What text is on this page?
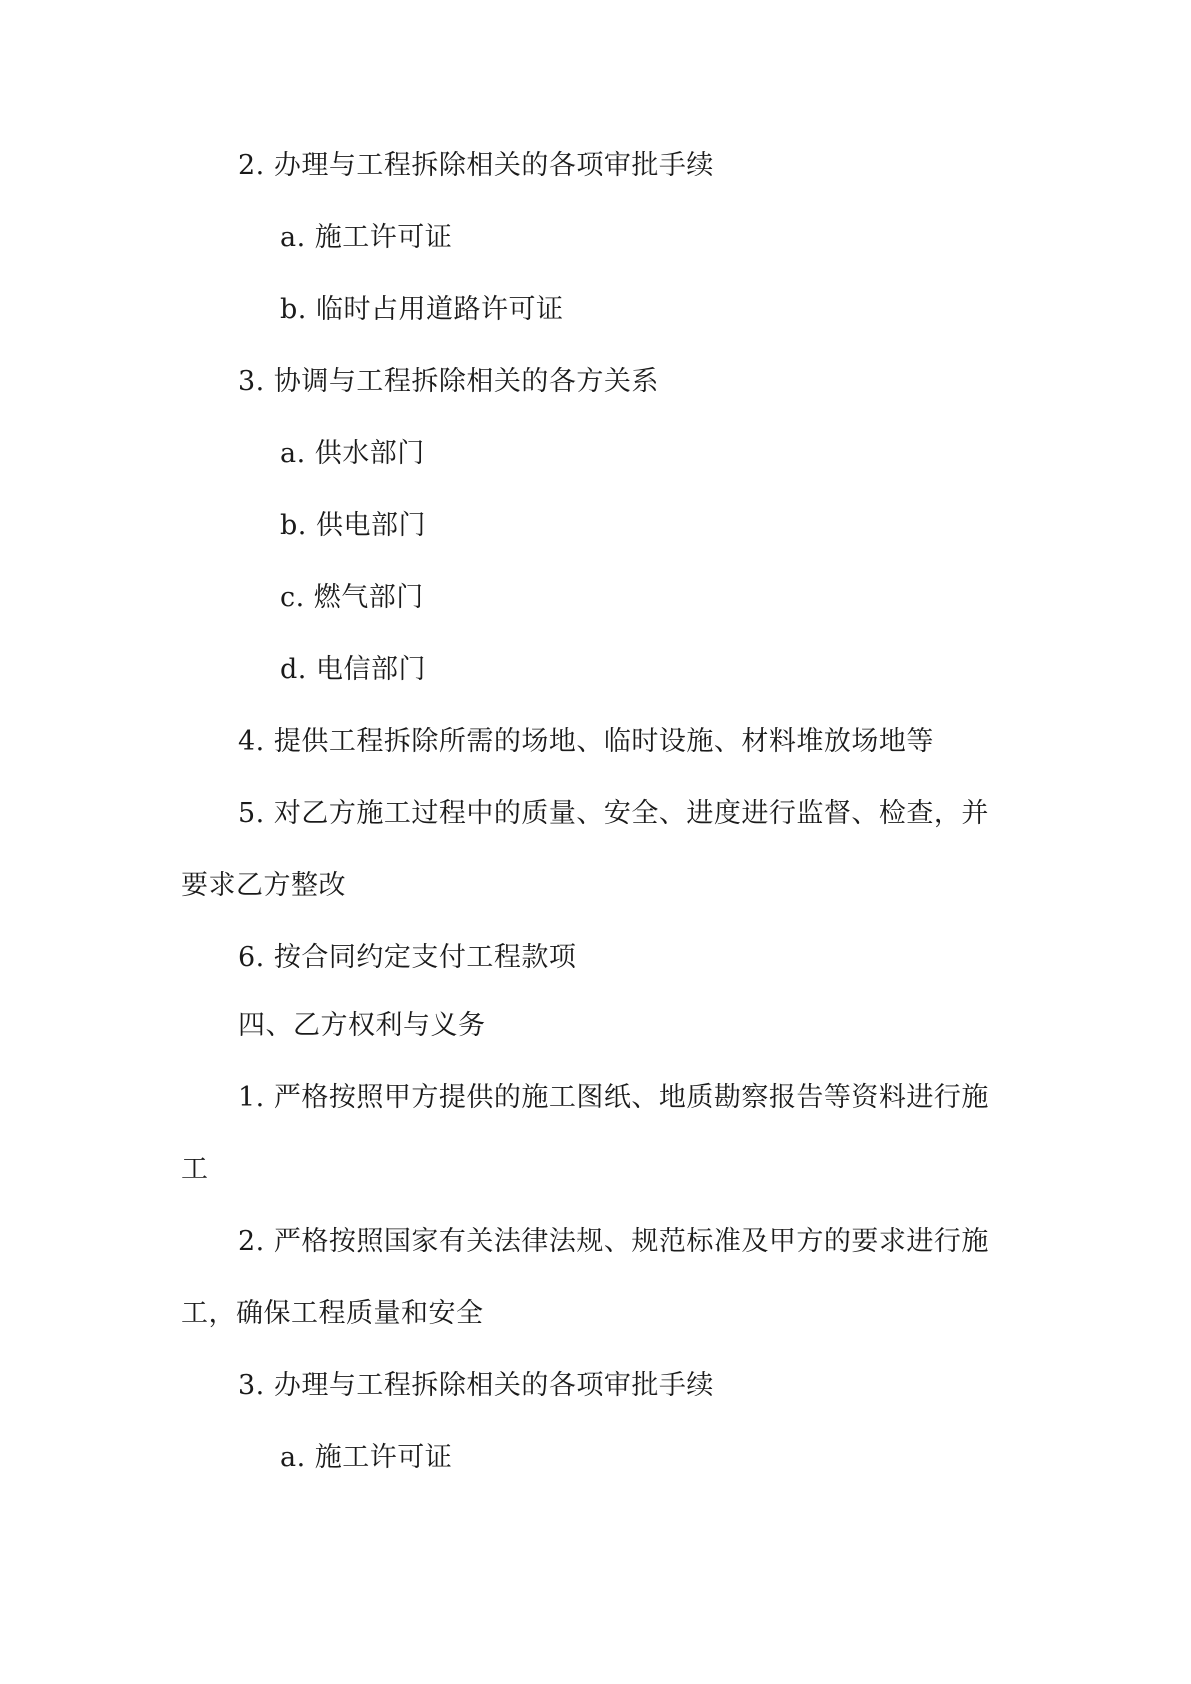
2. 办理与工程拆除相关的各项审批手续
a. 施工许可证
b. 临时占用道路许可证
3. 协调与工程拆除相关的各方关系
a. 供水部门
b. 供电部门
c. 燃气部门
d. 电信部门
4. 提供工程拆除所需的场地、临时设施、材料堆放场地等
5. 对乙方施工过程中的质量、安全、进度进行监督、检查，并
要求乙方整改
6. 按合同约定支付工程款项
四、乙方权利与义务
1. 严格按照甲方提供的施工图纸、地质勘察报告等资料进行施
工
2. 严格按照国家有关法律法规、规范标准及甲方的要求进行施
工，确保工程质量和安全
3. 办理与工程拆除相关的各项审批手续
a. 施工许可证
